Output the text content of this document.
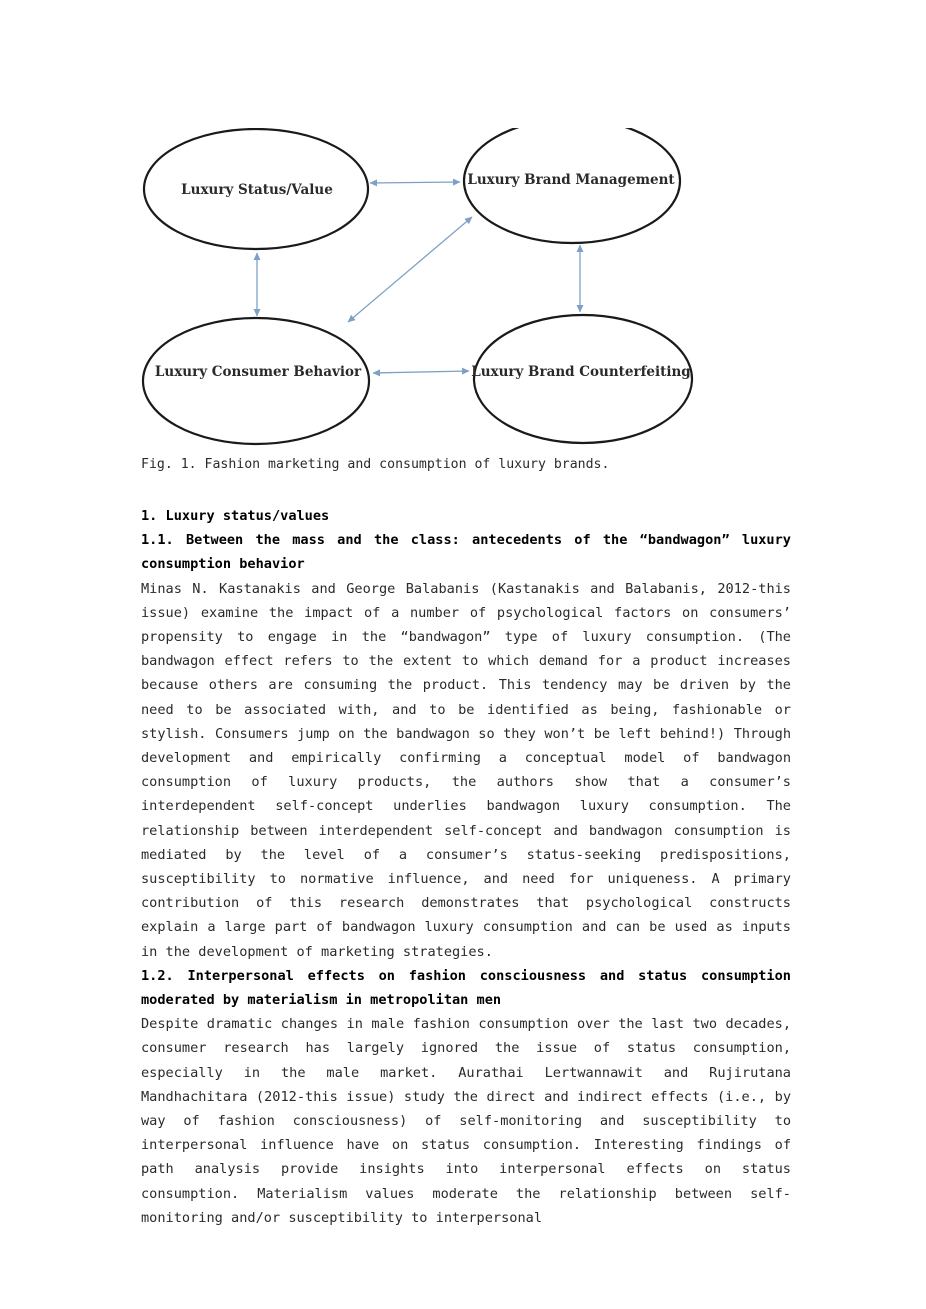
Luxury Status/Value
Luxury Brand Management
Luxury Consumer Behavior	Luxury Brand Counterfeiting
Fig. 1. Fashion marketing and consumption of luxury brands.
1. Luxury status/values
1.1. Between the mass and the class: antecedents of the “bandwagon” luxury consumption behavior

Minas N. Kastanakis and George Balabanis (Kastanakis and Balabanis, 2012-this issue) examine the impact of a number of psychological factors on consumers’ propensity to engage in the “bandwagon” type of luxury consumption. (The bandwagon effect refers to the extent to which demand for a product increases because others are consuming the product. This tendency may be driven by the need to be associated with, and to be identified as being, fashionable or stylish. Consumers jump on the bandwagon so they won’t be left behind!) Through development and empirically confirming a conceptual model of bandwagon consumption of luxury products, the authors show that a consumer’s interdependent self-concept underlies bandwagon luxury consumption. The relationship between interdependent self-concept and bandwagon consumption is mediated by the level of a consumer’s status-seeking predispositions, susceptibility to normative influence, and need for uniqueness. A primary contribution of this research demonstrates that psychological constructs explain a large part of bandwagon luxury consumption and can be used as inputs in the development of marketing strategies.

1.2. Interpersonal effects on fashion consciousness and status consumption moderated by materialism in metropolitan men

Despite dramatic changes in male fashion consumption over the last two decades, consumer research has largely ignored the issue of status consumption, especially in the male market. Aurathai Lertwannawit and Rujirutana Mandhachitara (2012-this issue) study the direct and indirect effects (i.e., by way of fashion consciousness) of self-monitoring and susceptibility to interpersonal influence have on status consumption. Interesting findings of path analysis provide insights into interpersonal effects on status consumption. Materialism values moderate the relationship between self-monitoring and/or susceptibility to interpersonal
